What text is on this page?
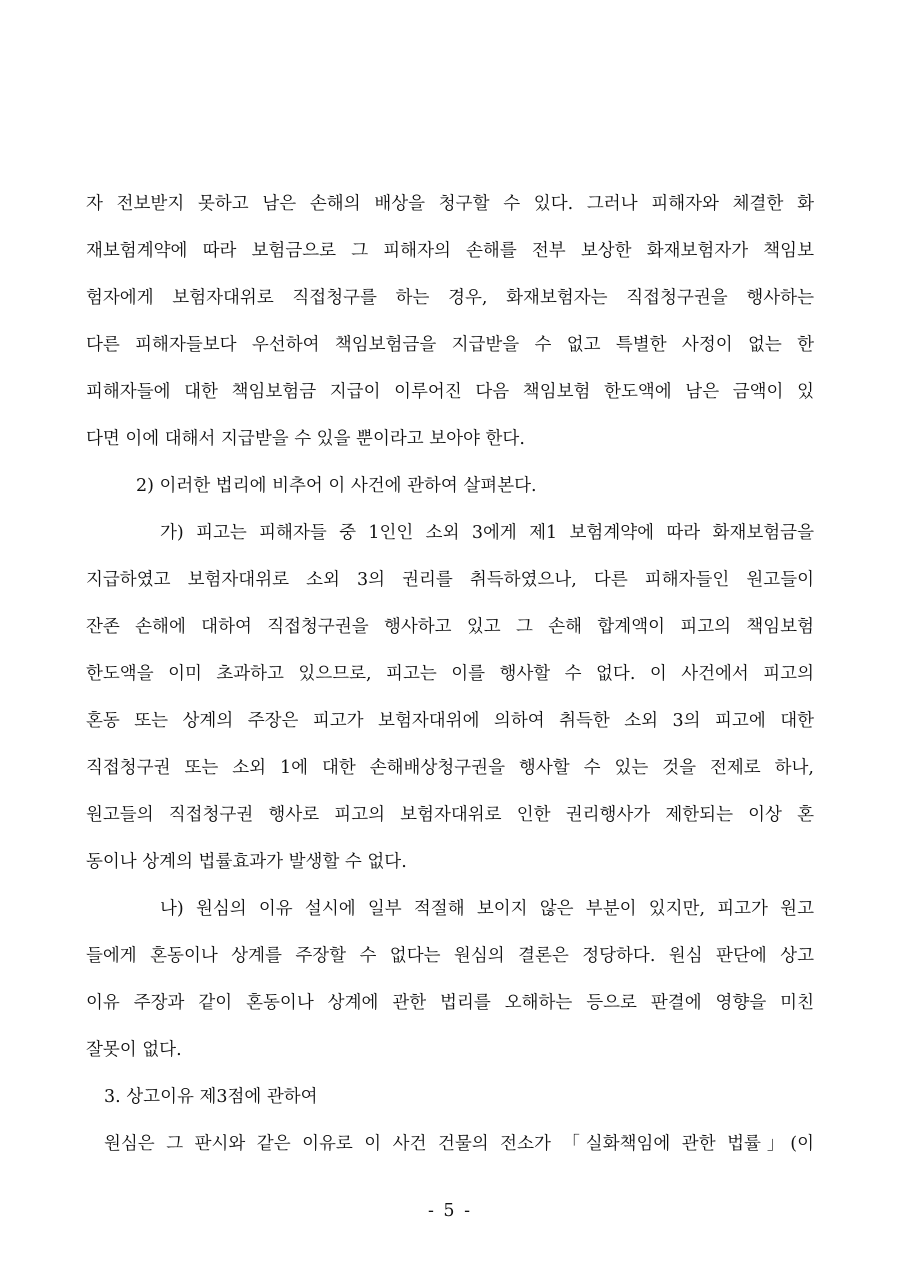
자 전보받지 못하고 남은 손해의 배상을 청구할 수 있다. 그러나 피해자와 체결한 화
재보험계약에 따라 보험금으로 그 피해자의 손해를 전부 보상한 화재보험자가 책임보
험자에게 보험자대위로 직접청구를 하는 경우, 화재보험자는 직접청구권을 행사하는
다른 피해자들보다 우선하여 책임보험금을 지급받을 수 없고 특별한 사정이 없는 한
피해자들에 대한 책임보험금 지급이 이루어진 다음 책임보험 한도액에 남은 금액이 있
다면 이에 대해서 지급받을 수 있을 뿐이라고 보아야 한다.
2) 이러한 법리에 비추어 이 사건에 관하여 살펴본다.
가) 피고는 피해자들 중 1인인 소외 3에게 제1 보험계약에 따라 화재보험금을
지급하였고 보험자대위로 소외 3의 권리를 취득하였으나, 다른 피해자들인 원고들이
잔존 손해에 대하여 직접청구권을 행사하고 있고 그 손해 합계액이 피고의 책임보험
한도액을 이미 초과하고 있으므로, 피고는 이를 행사할 수 없다. 이 사건에서 피고의
혼동 또는 상계의 주장은 피고가 보험자대위에 의하여 취득한 소외 3의 피고에 대한
직접청구권 또는 소외 1에 대한 손해배상청구권을 행사할 수 있는 것을 전제로 하나,
원고들의 직접청구권 행사로 피고의 보험자대위로 인한 권리행사가 제한되는 이상 혼
동이나 상계의 법률효과가 발생할 수 없다.
나) 원심의 이유 설시에 일부 적절해 보이지 않은 부분이 있지만, 피고가 원고
들에게 혼동이나 상계를 주장할 수 없다는 원심의 결론은 정당하다. 원심 판단에 상고
이유 주장과 같이 혼동이나 상계에 관한 법리를 오해하는 등으로 판결에 영향을 미친
잘못이 없다.
3. 상고이유 제3점에 관하여
원심은 그 판시와 같은 이유로 이 사건 건물의 전소가 「실화책임에 관한 법률」(이
- 5 -
